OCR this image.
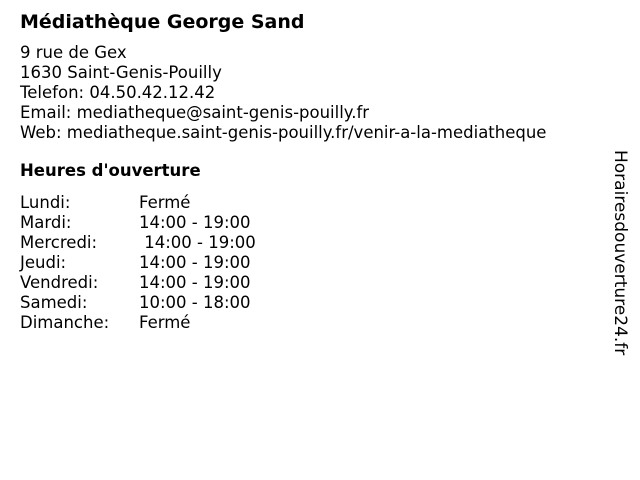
Médiathèque George Sand
9 rue de Gex
1630 Saint-Genis-Pouilly
Telefon: 04.50.42.12.42
Email: mediatheque@saint-genis-pouilly.fr
Web: mediatheque.saint-genis-pouilly.fr/venir-a-la-mediatheque
Heures d'ouverture
Lundi:	Fermé
Mardi:	14:00 - 19:00
Mercredi:	14:00 - 19:00
Jeudi:	14:00 - 19:00
Vendredi:	14:00 - 19:00
Samedi:	10:00 - 18:00
Dimanche:	Fermé	Horairesdouverture24.fr
